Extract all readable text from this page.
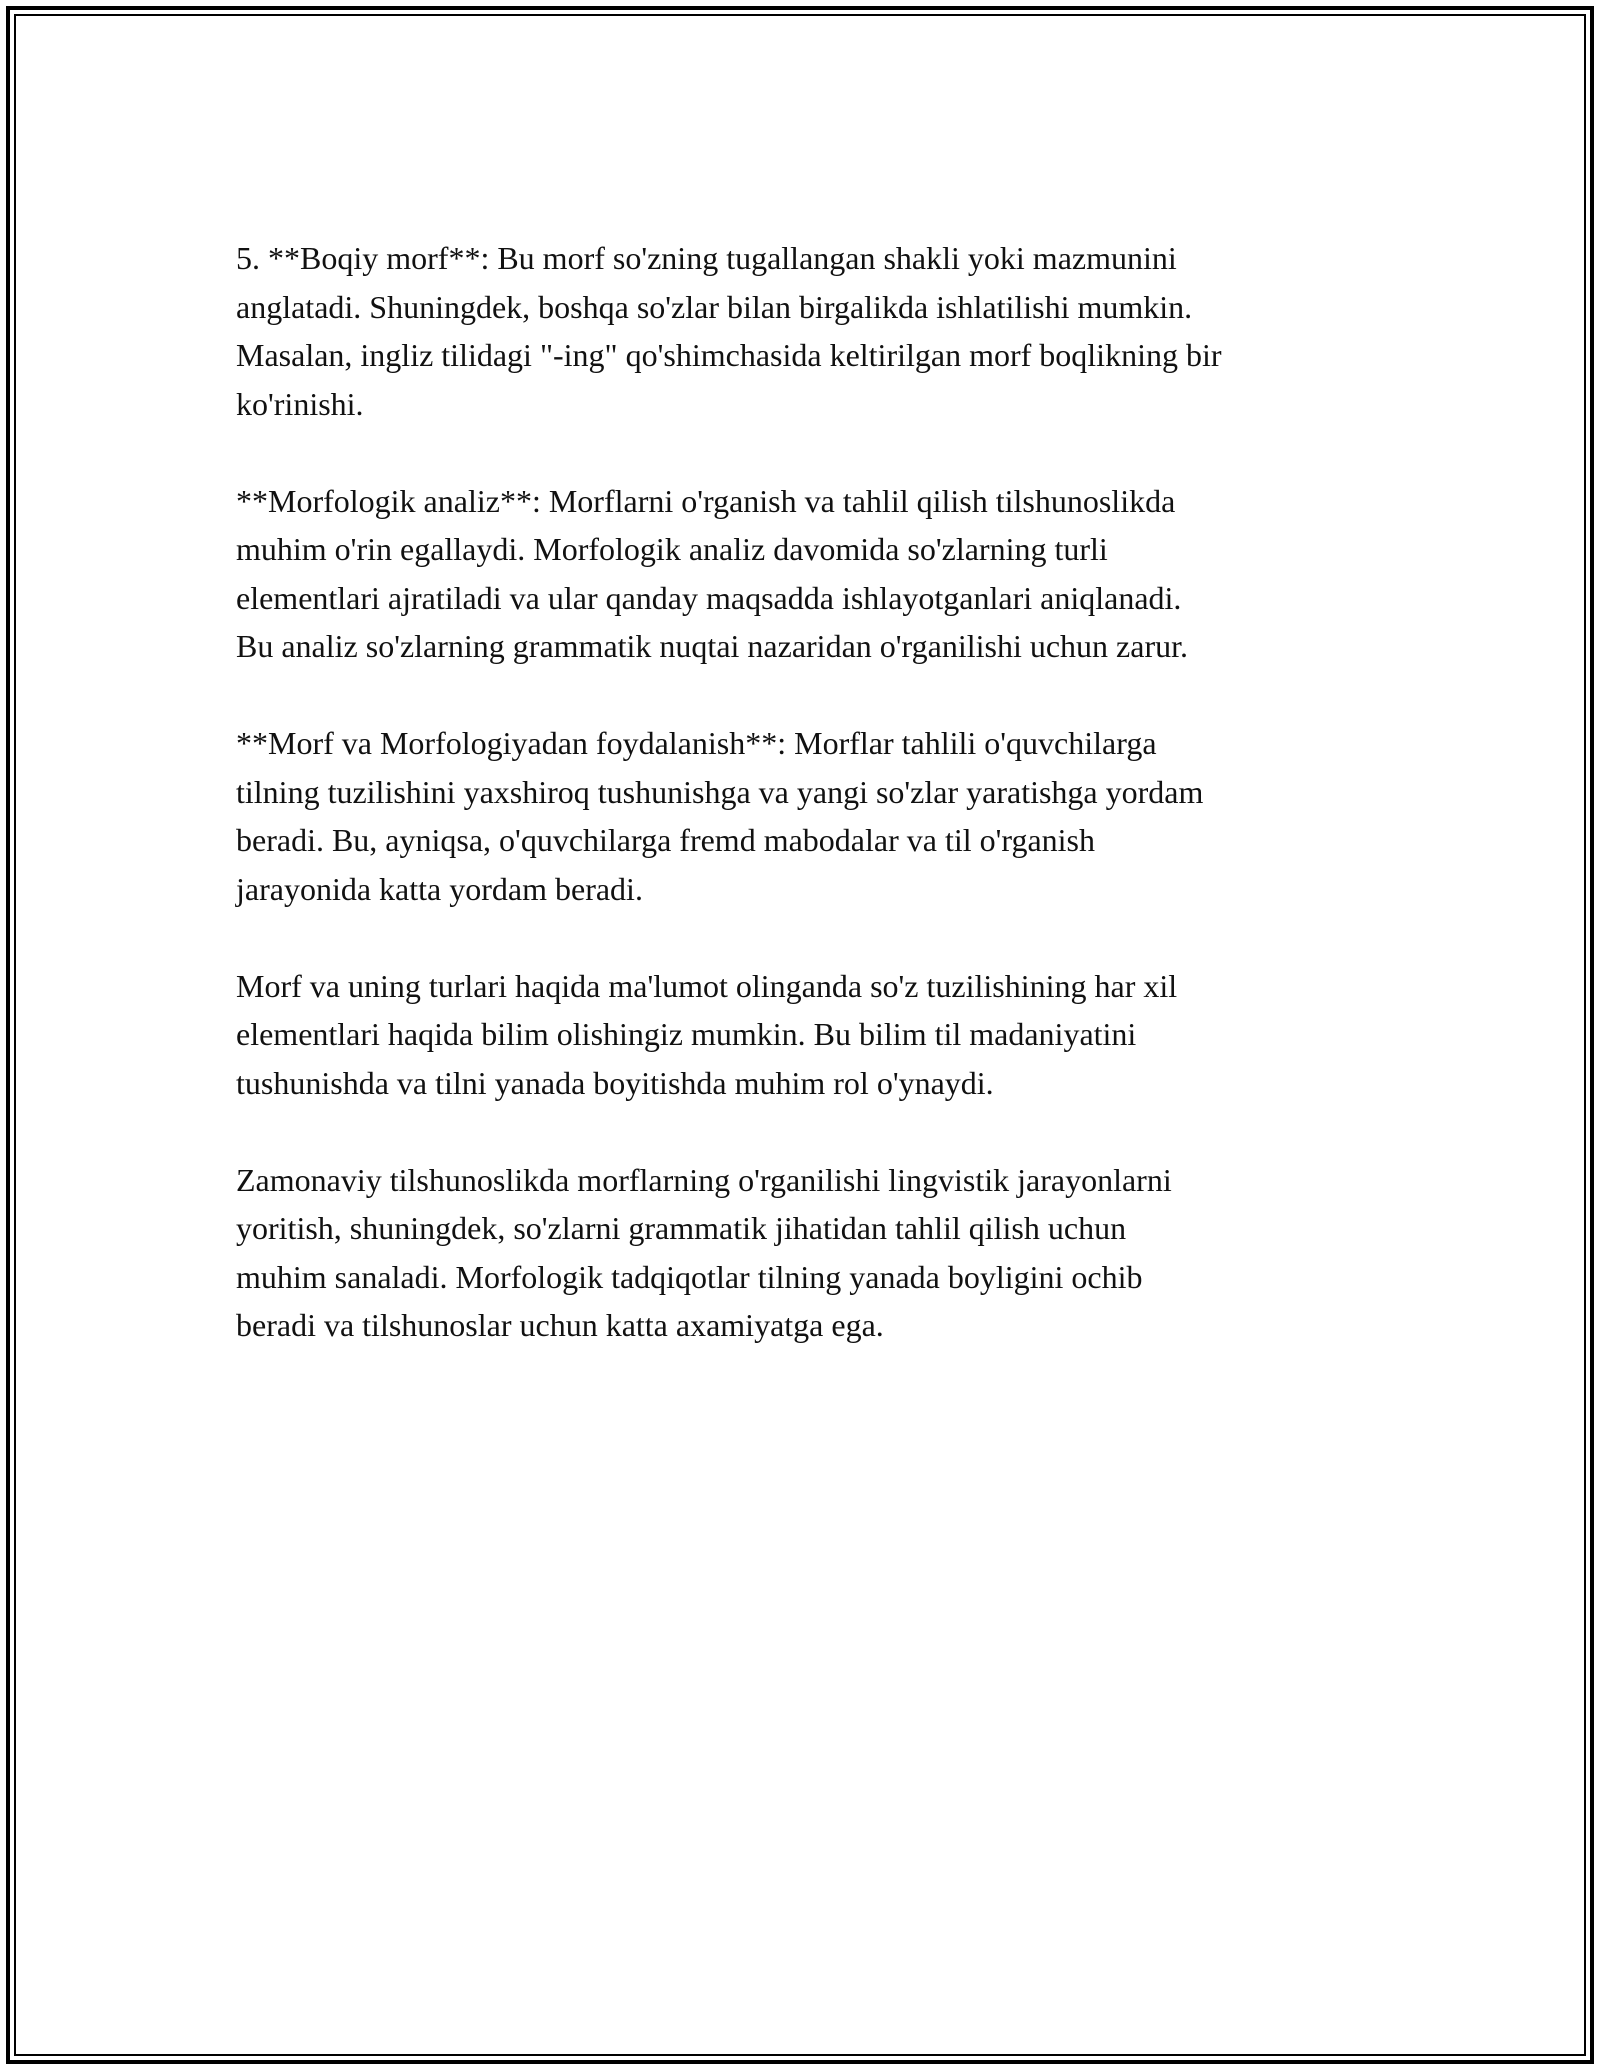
5. **Boqiy morf**: Bu morf so'zning tugallangan shakli yoki mazmunini
anglatadi. Shuningdek, boshqa so'zlar bilan birgalikda ishlatilishi mumkin.
Masalan, ingliz tilidagi "-ing" qo'shimchasida keltirilgan morf boqlikning bir
ko'rinishi.

**Morfologik analiz**: Morflarni o'rganish va tahlil qilish tilshunoslikda
muhim o'rin egallaydi. Morfologik analiz davomida so'zlarning turli
elementlari ajratiladi va ular qanday maqsadda ishlayotganlari aniqlanadi.
Bu analiz so'zlarning grammatik nuqtai nazaridan o'rganilishi uchun zarur.

**Morf va Morfologiyadan foydalanish**: Morflar tahlili o'quvchilarga
tilning tuzilishini yaxshiroq tushunishga va yangi so'zlar yaratishga yordam
beradi. Bu, ayniqsa, o'quvchilarga fremd mabodalar va til o'rganish
jarayonida katta yordam beradi.

Morf va uning turlari haqida ma'lumot olinganda so'z tuzilishining har xil
elementlari haqida bilim olishingiz mumkin. Bu bilim til madaniyatini
tushunishda va tilni yanada boyitishda muhim rol o'ynaydi.

Zamonaviy tilshunoslikda morflarning o'rganilishi lingvistik jarayonlarni
yoritish, shuningdek, so'zlarni grammatik jihatidan tahlil qilish uchun
muhim sanaladi. Morfologik tadqiqotlar tilning yanada boyligini ochib
beradi va tilshunoslar uchun katta axamiyatga ega.
